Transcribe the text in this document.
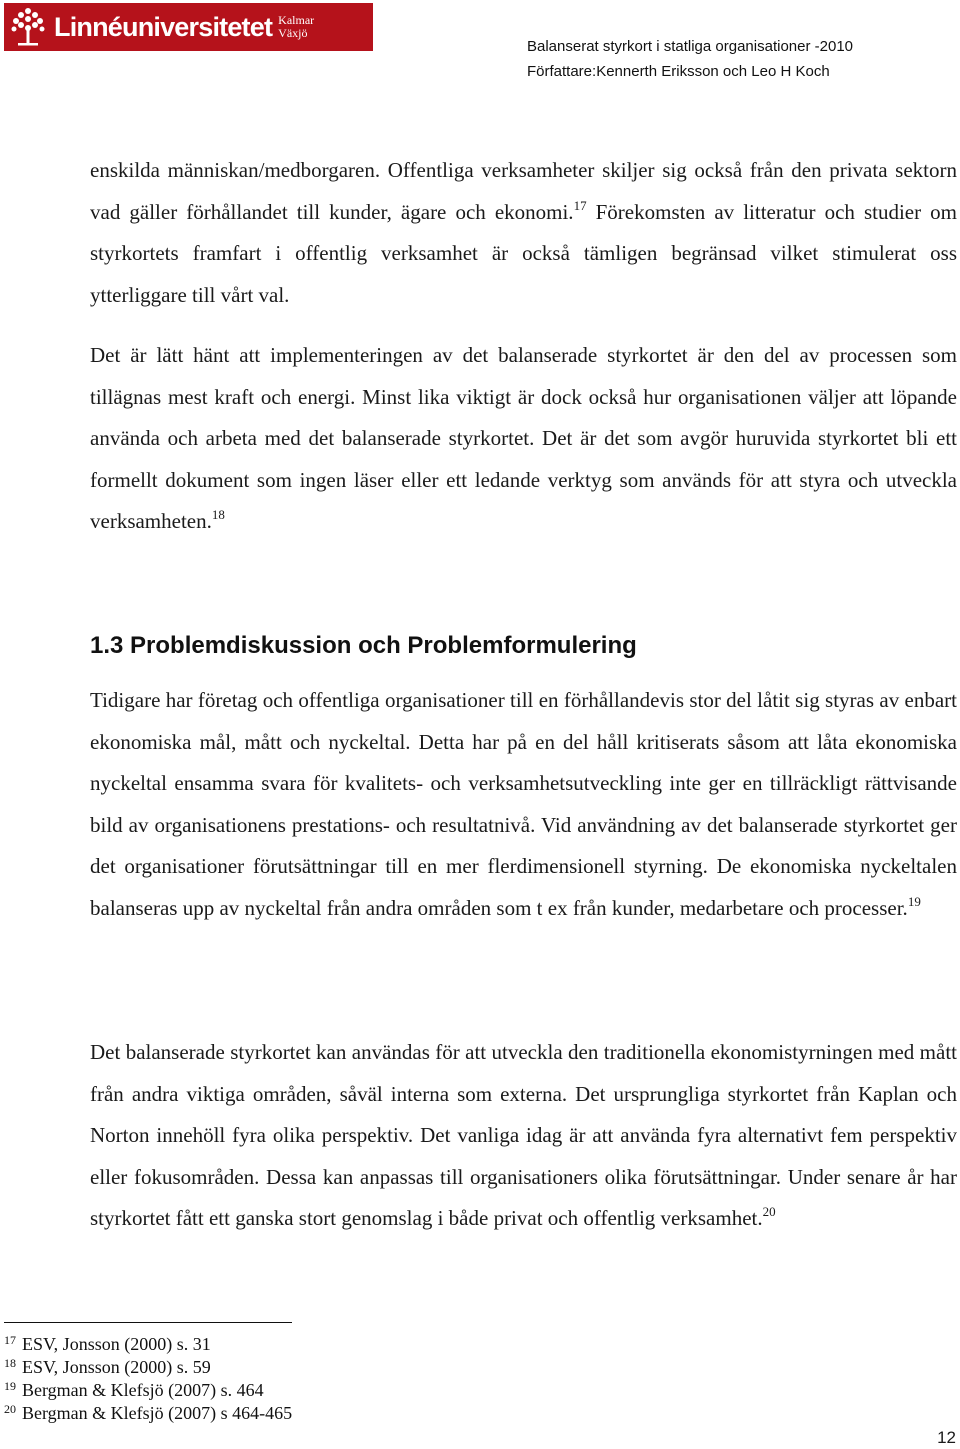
Linnéuniversitetet Kalmar
Växjö
Balanserat styrkort i statliga organisationer -2010
Författare:Kennerth Eriksson och Leo H Koch

enskilda människan/medborgaren. Offentliga verksamheter skiljer sig också från den privata sektorn vad gäller förhållandet till kunder, ägare och ekonomi.$^{17}$ Förekomsten av litteratur och studier om styrkortets framfart i offentlig verksamhet är också tämligen begränsad vilket stimulerat oss ytterliggare till vårt val.

Det är lätt hänt att implementeringen av det balanserade styrkortet är den del av processen som tillägnas mest kraft och energi. Minst lika viktigt är dock också hur organisationen väljer att löpande använda och arbeta med det balanserade styrkortet. Det är det som avgör huruvida styrkortet bli ett formellt dokument som ingen läser eller ett ledande verktyg som används för att styra och utveckla verksamheten.$^{18}$

1.3 Problemdiskussion och Problemformulering

Tidigare har företag och offentliga organisationer till en förhållandevis stor del låtit sig styras av enbart ekonomiska mål, mått och nyckeltal. Detta har på en del håll kritiserats såsom att låta ekonomiska nyckeltal ensamma svara för kvalitets- och verksamhetsutveckling inte ger en tillräckligt rättvisande bild av organisationens prestations- och resultatnivå. Vid användning av det balanserade styrkortet ger det organisationer förutsättningar till en mer flerdimensionell styrning. De ekonomiska nyckeltalen balanseras upp av nyckeltal från andra områden som t ex från kunder, medarbetare och processer.$^{19}$

Det balanserade styrkortet kan användas för att utveckla den traditionella ekonomistyrningen med mått från andra viktiga områden, såväl interna som externa. Det ursprungliga styrkortet från Kaplan och Norton innehöll fyra olika perspektiv. Det vanliga idag är att använda fyra alternativt fem perspektiv eller fokusområden. Dessa kan anpassas till organisationers olika förutsättningar. Under senare år har styrkortet fått ett ganska stort genomslag i både privat och offentlig verksamhet.$^{20}$

$^{17}$ ESV, Jonsson (2000) s. 31
$^{18}$ ESV, Jonsson (2000) s. 59
$^{19}$ Bergman & Klefsjö (2007) s. 464
$^{20}$ Bergman & Klefsjö (2007) s 464-465
12
